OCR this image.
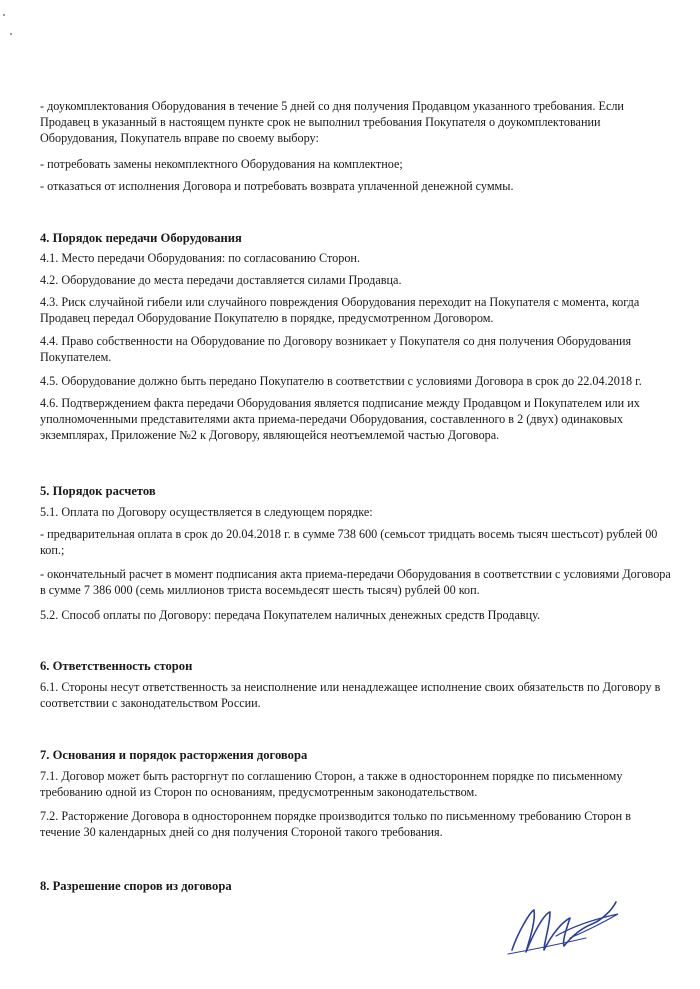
- доукомплектования Оборудования в течение 5 дней со дня получения Продавцом указанного требования. Если Продавец в указанный в настоящем пункте срок не выполнил требования Покупателя о доукомплектовании Оборудования, Покупатель вправе по своему выбору:

- потребовать замены некомплектного Оборудования на комплектное;

- отказаться от исполнения Договора и потребовать возврата уплаченной денежной суммы.

4. Порядок передачи Оборудования

4.1. Место передачи Оборудования: по согласованию Сторон.

4.2. Оборудование до места передачи доставляется силами Продавца.

4.3. Риск случайной гибели или случайного повреждения Оборудования переходит на Покупателя с момента, когда Продавец передал Оборудование Покупателю в порядке, предусмотренном Договором.

4.4. Право собственности на Оборудование по Договору возникает у Покупателя со дня получения Оборудования Покупателем.

4.5. Оборудование должно быть передано Покупателю в соответствии с условиями Договора в срок до 22.04.2018 г.

4.6. Подтверждением факта передачи Оборудования является подписание между Продавцом и Покупателем или их уполномоченными представителями акта приема-передачи Оборудования, составленного в 2 (двух) одинаковых экземплярах, Приложение №2 к Договору, являющейся неотъемлемой частью Договора.

5. Порядок расчетов

5.1. Оплата по Договору осуществляется в следующем порядке:

- предварительная оплата в срок до 20.04.2018 г. в сумме 738 600 (семьсот тридцать восемь тысяч шестьсот) рублей 00 коп.;

- окончательный расчет в момент подписания акта приема-передачи Оборудования в соответствии с условиями Договора в сумме 7 386 000 (семь миллионов триста восемьдесят шесть тысяч) рублей 00 коп.

5.2. Способ оплаты по Договору: передача Покупателем наличных денежных средств Продавцу.

6. Ответственность сторон

6.1. Стороны несут ответственность за неисполнение или ненадлежащее исполнение своих обязательств по Договору в соответствии с законодательством России.

7. Основания и порядок расторжения договора

7.1. Договор может быть расторгнут по соглашению Сторон, а также в одностороннем порядке по письменному требованию одной из Сторон по основаниям, предусмотренным законодательством.

7.2. Расторжение Договора в одностороннем порядке производится только по письменному требованию Сторон в течение 30 календарных дней со дня получения Стороной такого требования.

8. Разрешение споров из договора
